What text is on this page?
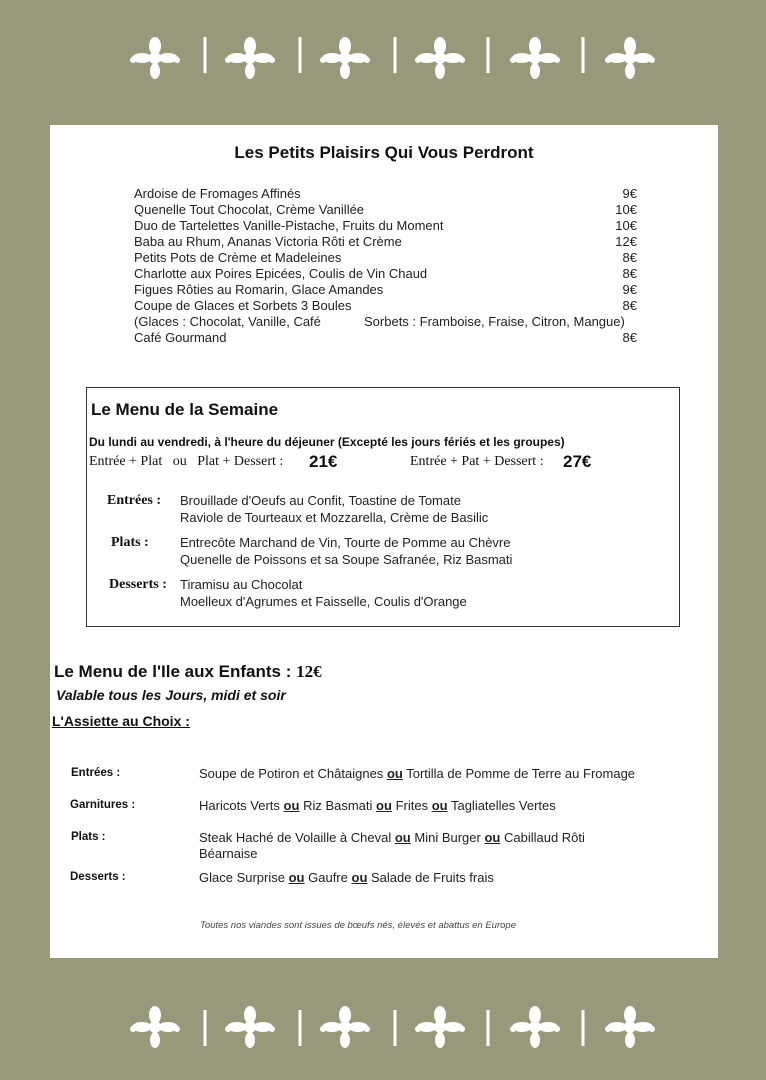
Les Petits Plaisirs Qui Vous Perdront
Ardoise de Fromages Affinés	9€
Quenelle Tout Chocolat, Crème Vanillée	10€
Duo de Tartelettes Vanille-Pistache, Fruits du Moment	10€
Baba au Rhum, Ananas Victoria Rôti et Crème	12€
Petits Pots de Crème et Madeleines	8€
Charlotte aux Poires Epicées, Coulis de Vin Chaud	8€
Figues Rôties au Romarin, Glace Amandes	9€
Coupe de Glaces et Sorbets 3 Boules	8€
(Glaces : Chocolat, Vanille, Café	Sorbets : Framboise, Fraise, Citron, Mangue)
Café Gourmand	8€
Le Menu de la Semaine
Du lundi au vendredi, à l'heure du déjeuner (Excepté les jours fériés et les groupes)
Entrée + Plat   ou   Plat + Dessert : 21€	Entrée + Pat + Dessert : 27€
Entrées : Brouillade d'Oeufs au Confit, Toastine de Tomate
Raviole de Tourteaux et Mozzarella, Crème de Basilic
Plats : Entrecôte Marchand de Vin, Tourte de Pomme au Chèvre
Quenelle de Poissons et sa Soupe Safranée, Riz Basmati
Desserts : Tiramisu au Chocolat
Moelleux d'Agrumes et Faisselle, Coulis d'Orange
Le Menu de l'Ile aux Enfants : 12€
Valable tous les Jours, midi et soir
L'Assiette au Choix :
Entrées :	Soupe de Potiron et Châtaignes ou Tortilla de Pomme de Terre au Fromage
Garnitures :	Haricots Verts ou Riz Basmati ou Frites ou Tagliatelles Vertes
Plats :	Steak Haché de Volaille à Cheval ou Mini Burger ou Cabillaud Rôti
Béarnaise
Desserts :	Glace Surprise ou Gaufre ou Salade de Fruits frais
Toutes nos viandes sont issues de bœufs nés, élevés et abattus en Europe
